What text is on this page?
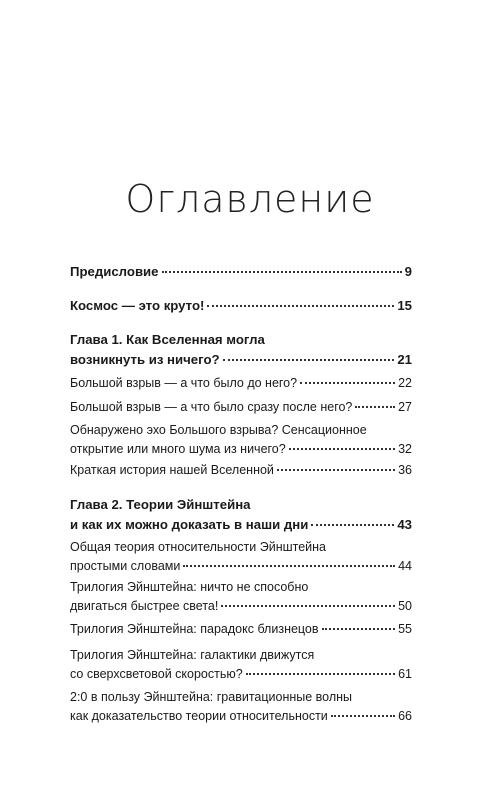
Оглавление
Предисловие	9
Космос — это круто!	15
Глава 1. Как Вселенная могла
возникнуть из ничего?	21
Большой взрыв — а что было до него?	22
Большой взрыв — а что было сразу после него?	27
Обнаружено эхо Большого взрыва? Сенсационное
открытие или много шума из ничего?	32
Краткая история нашей Вселенной	36
Глава 2. Теории Эйнштейна
и как их можно доказать в наши дни	43
Общая теория относительности Эйнштейна
простыми словами	44
Трилогия Эйнштейна: ничто не способно
двигаться быстрее света!	50
Трилогия Эйнштейна: парадокс близнецов	55
Трилогия Эйнштейна: галактики движутся
со сверхсветовой скоростью?	61
2:0 в пользу Эйнштейна: гравитационные волны
как доказательство теории относительности	66
